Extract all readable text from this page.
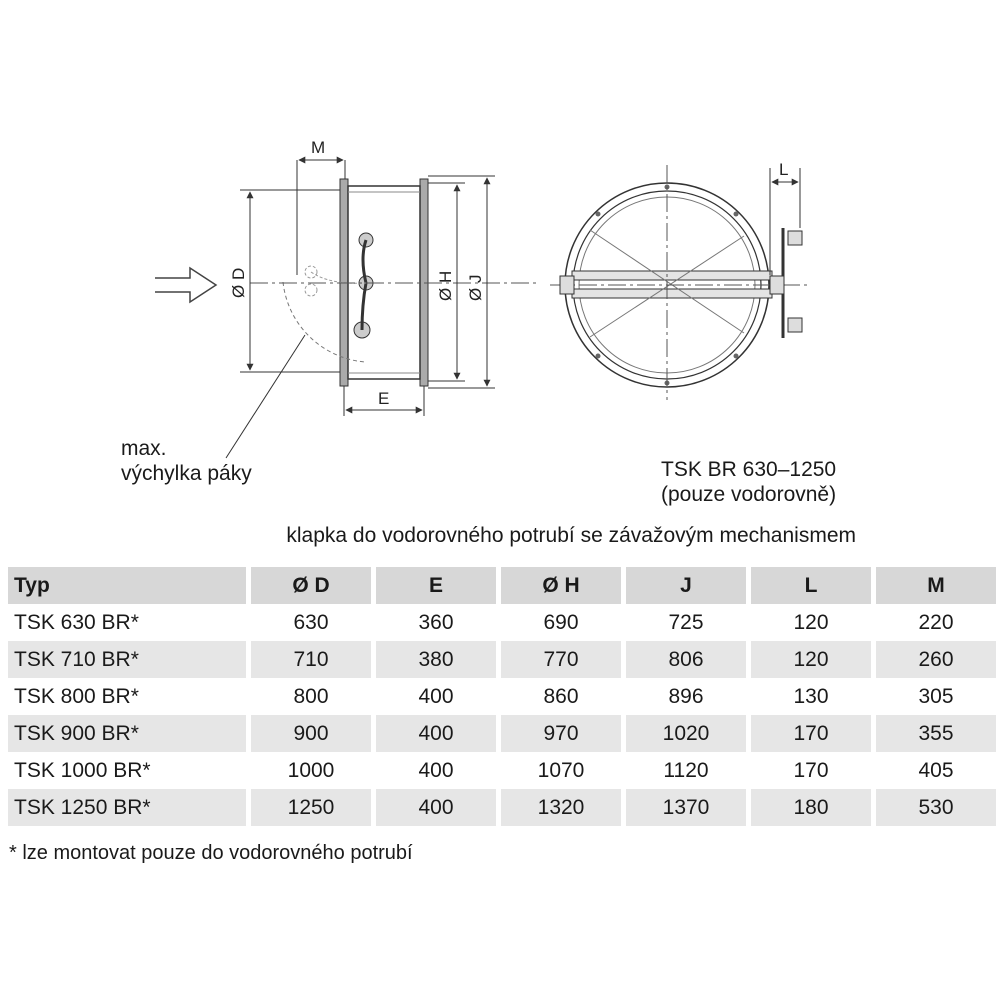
M
Ø D	Ø H Ø J
E
L
max.
výchylka páky	TSK BR 630–1250
(pouze vodorovně)
klapka do vodorovného potrubí se závažovým mechanismem
Typ	Ø D	E	Ø H	J	L	M
TSK 630 BR*	630	360	690	725	120	220
TSK 710 BR*	710	380	770	806	120	260
TSK 800 BR*	800	400	860	896	130	305
TSK 900 BR*	900	400	970	1020	170	355
TSK 1000 BR*	1000	400	1070	1120	170	405
TSK 1250 BR*	1250	400	1320	1370	180	530
* lze montovat pouze do vodorovného potrubí
